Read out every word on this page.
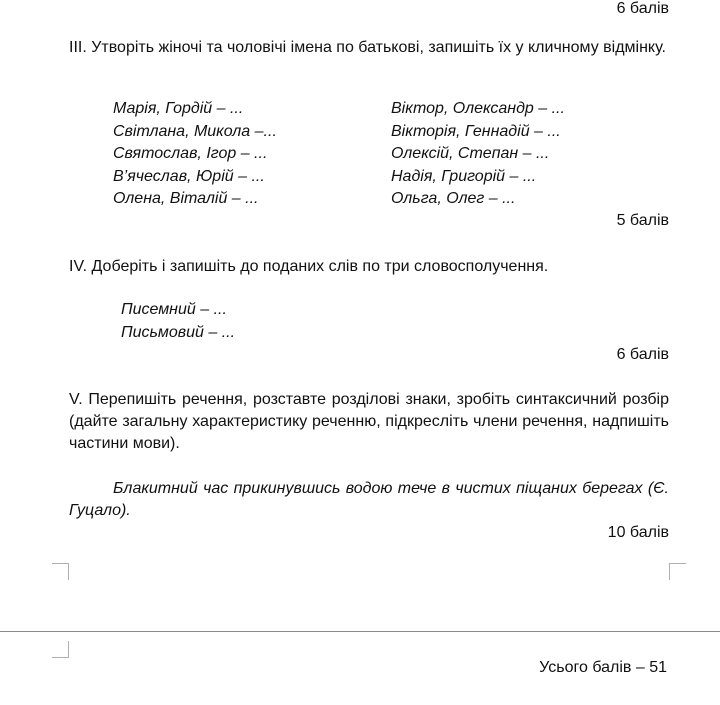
6 балів
III. Утворіть жіночі та чоловічі імена по батькові, запишіть їх у кличному відмінку.
Марія, Гордій – ...
Світлана, Микола –...
Святослав, Ігор – ...
В’ячеслав, Юрій – ...
Олена, Віталій – ...
Віктор, Олександр – ...
Вікторія, Геннадій – ...
Олексій, Степан – ...
Надія, Григорій – ...
Ольга, Олег – ...
5 балів
IV. Доберіть і запишіть до поданих слів по три словосполучення.
Писемний – ...
Письмовий – ...
6 балів
V. Перепишіть речення, розставте розділові знаки, зробіть синтаксичний розбір (дайте загальну характеристику реченню, підкресліть члени речення, надпишіть частини мови).
Блакитний час прикинувшись водою тече в чистих піщаних берегах (Є. Гуцало).
10 балів
Усього балів – 51
